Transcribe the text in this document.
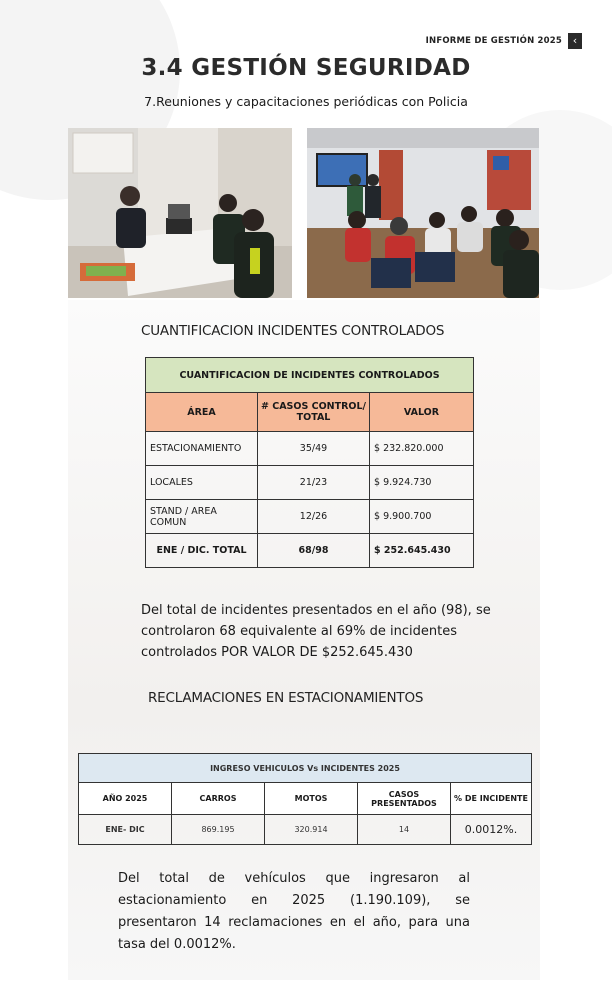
INFORME DE GESTIÓN 2025 ‹
3.4 GESTIÓN SEGURIDAD
7.Reuniones y capacitaciones periódicas con Policia
CUANTIFICACION INCIDENTES CONTROLADOS
CUANTIFICACION DE INCIDENTES CONTROLADOS		
ÁREA	# CASOS CONTROL/ TOTAL	VALOR
ESTACIONAMIENTO	35/49	$ 232.820.000
LOCALES	21/23	$ 9.924.730
STAND / AREA COMUN	12/26	$ 9.900.700
ENE / DIC. TOTAL	68/98	$ 252.645.430
Del total de incidentes presentados en el año (98), se controlaron 68 equivalente al 69% de incidentes controlados POR VALOR DE $252.645.430
RECLAMACIONES EN ESTACIONAMIENTOS
INGRESO VEHICULOS Vs INCIDENTES 2025				
AÑO 2025	CARROS	MOTOS	CASOS PRESENTADOS	% DE INCIDENTE
ENE- DIC	869.195	320.914	14	0.0012%.
Del total de vehículos que ingresaron al estacionamiento en 2025 (1.190.109), se presentaron 14 reclamaciones en el año, para una tasa del 0.0012%.
